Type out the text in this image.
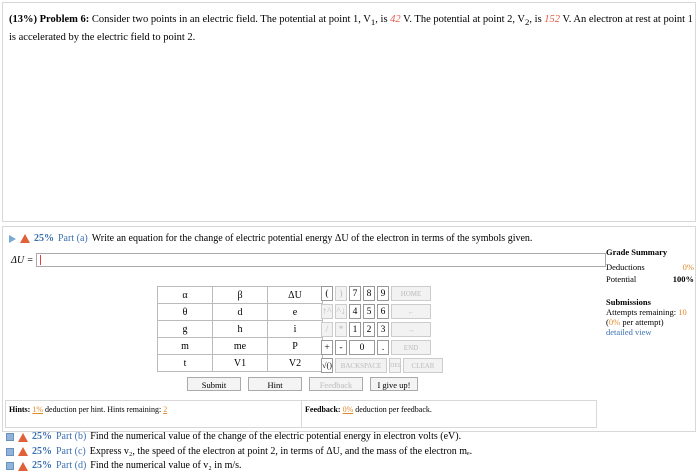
(13%) Problem 6: Consider two points in an electric field. The potential at point 1, $V_1$, is 42 V. The potential at point 2, $V_2$, is 152 V. An electron at rest at point 1 is accelerated by the electric field to point 2.
25% Part (a) Write an equation for the change of electric potential energy ΔU of the electron in terms of the symbols given.
ΔU =
Grade Summary
Deductions	0%
Potential	100%
Submissions
Attempts remaining: 10
(0% per attempt)
detailed view
α	β	ΔU
θ	d	e
g	h	i
m	me	P
t	V1	V2
(	)	7 8 9	HOME
↑^ ^↓ 4 5 6	←
/	* 1 2 3	→
+	-	0	.	END
√()	BACKSPACE	DEL	CLEAR
Submit	Hint	Feedback	I give up!
Hints: 1% deduction per hint. Hints remaining: 2	Feedback: 0% deduction per feedback.
25% Part (b) Find the numerical value of the change of the electric potential energy in electron volts (eV).
25% Part (c) Express v₂, the speed of the electron at point 2, in terms of ΔU, and the mass of the electron mₑ.
25% Part (d) Find the numerical value of v₂ in m/s.
